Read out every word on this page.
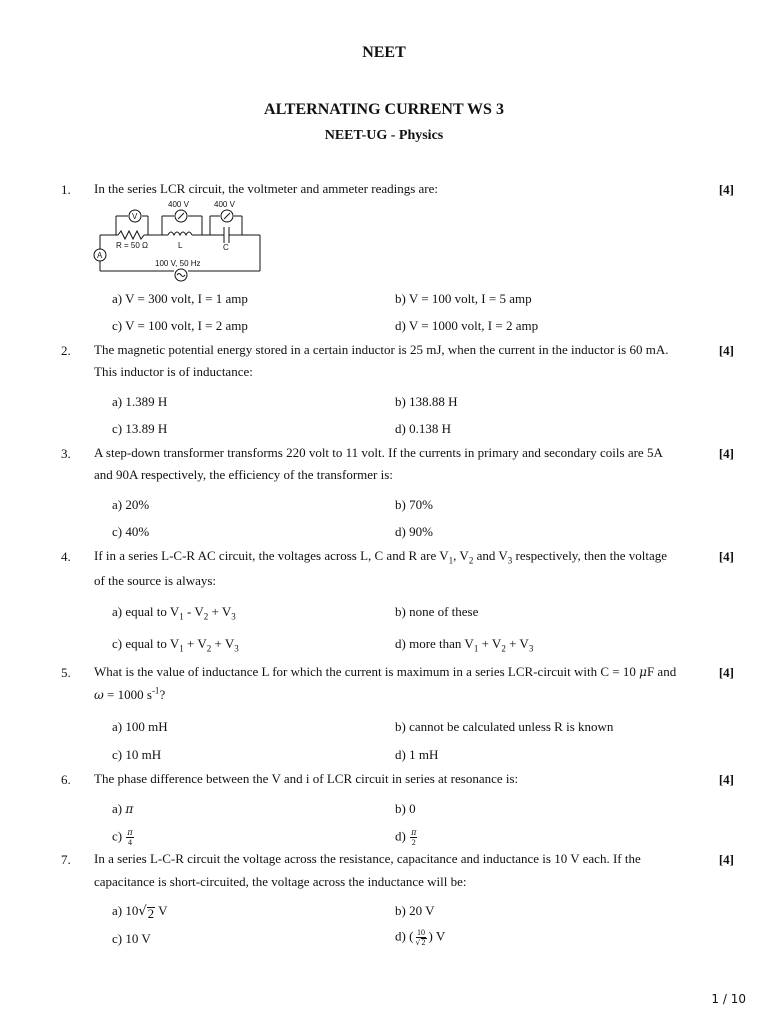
NEET
ALTERNATING CURRENT WS 3
NEET-UG - Physics
1. In the series LCR circuit, the voltmeter and ammeter readings are:	[4]
400 V	400 V
V
A
R = 50 Ω	L	C
100 V, 50 Hz
a) V = 300 volt, I = 1 amp	b) V = 100 volt, I = 5 amp
c) V = 100 volt, I = 2 amp	d) V = 1000 volt, I = 2 amp
2. The magnetic potential energy stored in a certain inductor is 25 mJ, when the current in the inductor is 60 mA.
This inductor is of inductance:
[4]
a) 1.389 H	b) 138.88 H
c) 13.89 H	d) 0.138 H
3. A step-down transformer transforms 220 volt to 11 volt. If the currents in primary and secondary coils are 5A
and 90A respectively, the efficiency of the transformer is:
[4]
a) 20%	b) 70%
c) 40%	d) 90%
4. If in a series L-C-R AC circuit, the voltages across L, C and R are $V_1$, $V_2$ and $V_3$ respectively, then the voltage
of the source is always:
[4]
a) equal to $V_1 - V_2 + V_3$	b) none of these
c) equal to $V_1 + V_2 + V_3$	d) more than $V_1 + V_2 + V_3$
5. What is the value of inductance L for which the current is maximum in a series LCR-circuit with C = 10 μF and
ω = 1000 $s^{-1}$?
[4]
a) 100 mH	b) cannot be calculated unless R is known
c) 10 mH	d) 1 mH
6. The phase difference between the V and i of LCR circuit in series at resonance is:	[4]
a) π	b) 0
$c) \frac{\pi}{4}$	$d) \frac{\pi}{2}$
7. In a series L-C-R circuit the voltage across the resistance, capacitance and inductance is 10 V each. If the
capacitance is short-circuited, the voltage across the inductance will be:
[4]
a) 10 √ 2 V	b) 20 V
c) 10 V	d) ( $\frac{10}{√ 2}$ ) V
1 / 10
